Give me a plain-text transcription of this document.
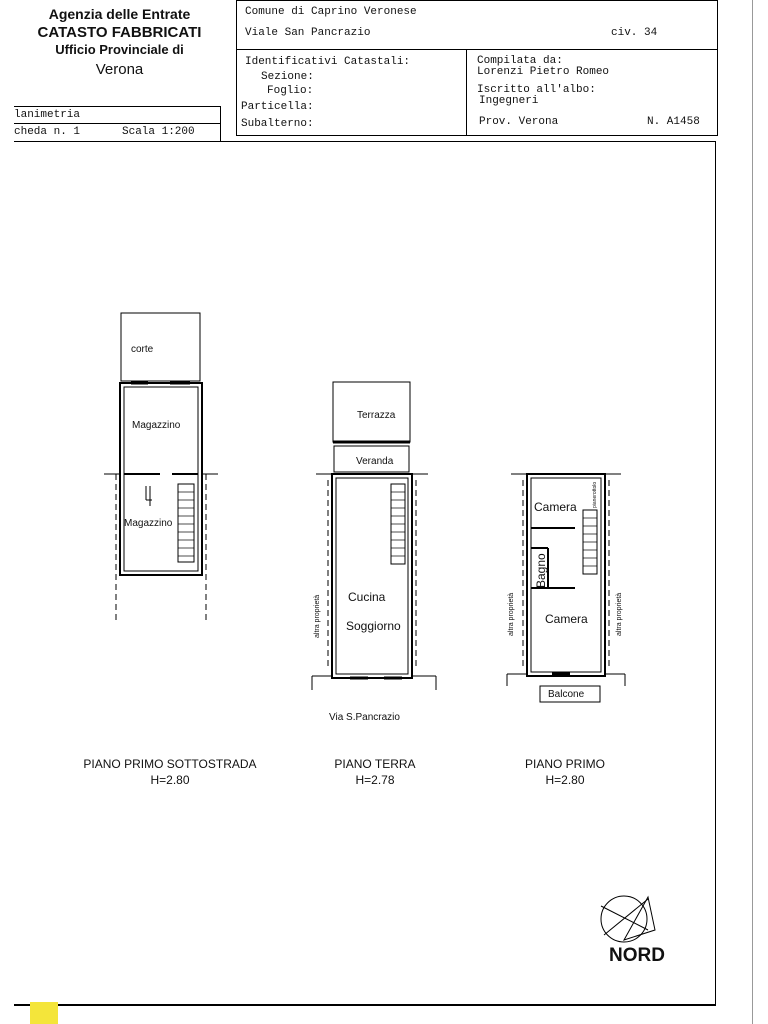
Agenzia delle Entrate
CATASTO FABBRICATI
Ufficio Provinciale di
Verona
lanimetria
cheda n. 1	Scala 1:200
Comune di Caprino Veronese
Viale San Pancrazio	civ. 34
Identificativi Catastali:
Sezione:
Foglio:
Particella:
Subalterno:
Compilata da:
Lorenzi Pietro Romeo
Iscritto all'albo:
Ingegneri
Prov. Verona	N. A1458
corte
Magazzino
Magazzino
Terrazza
Veranda
Cucina
Soggiorno
Via S.Pancrazio
altra proprietà
Camera
Bagno
Camera
Balcone
pianerottolo
altra proprietà	altra proprietà
PIANO PRIMO SOTTOSTRADA
H=2.80
PIANO TERRA
H=2.78
PIANO PRIMO
H=2.80
NORD
